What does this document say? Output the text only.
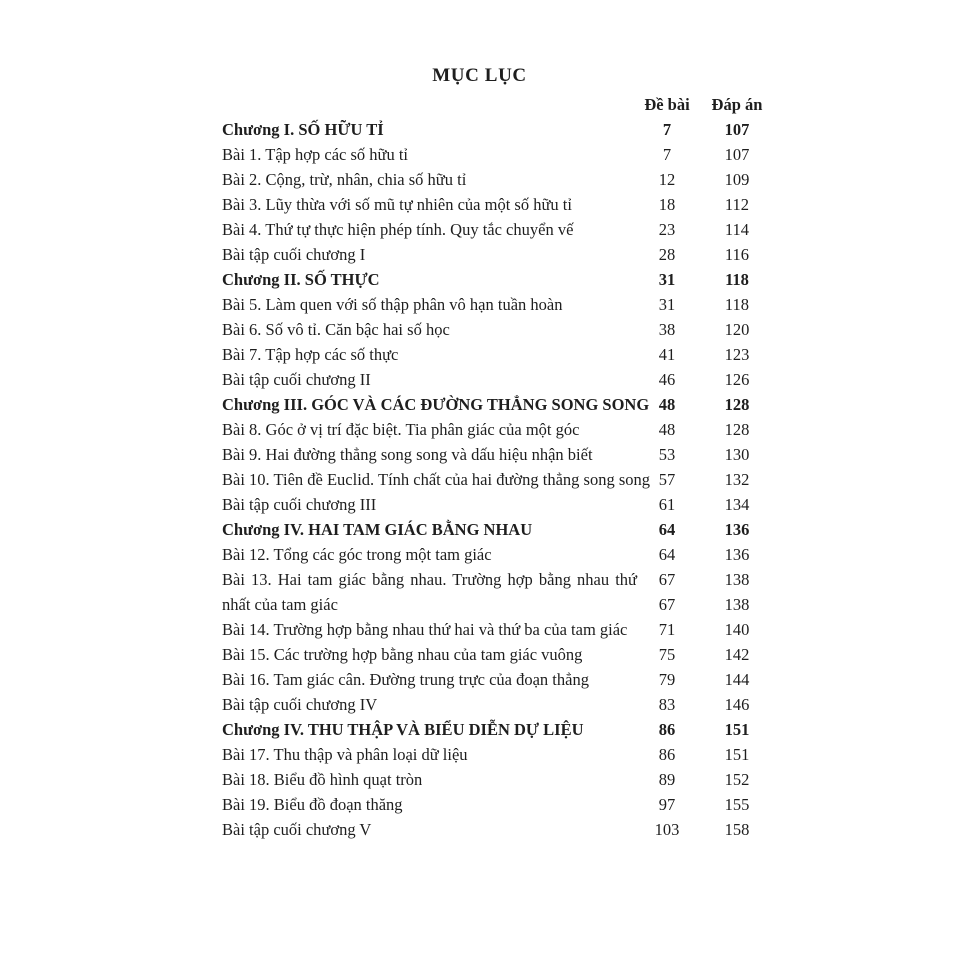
MỤC LỤC
Đề bài	Đáp án
Chương I. SỐ HỮU TỈ	7	107
Bài 1. Tập hợp các số hữu tỉ	7	107
Bài 2. Cộng, trừ, nhân, chia số hữu tỉ	12	109
Bài 3. Lũy thừa với số mũ tự nhiên của một số hữu tỉ	18	112
Bài 4. Thứ tự thực hiện phép tính. Quy tắc chuyển vế	23	114
Bài tập cuối chương I	28	116
Chương II. SỐ THỰC	31	118
Bài 5. Làm quen với số thập phân vô hạn tuần hoàn	31	118
Bài 6. Số vô tỉ. Căn bậc hai số học	38	120
Bài 7. Tập hợp các số thực	41	123
Bài tập cuối chương II	46	126
Chương III. GÓC VÀ CÁC ĐƯỜNG THẲNG SONG SONG 48	128
Bài 8. Góc ở vị trí đặc biệt. Tia phân giác của một góc	48	128
Bài 9. Hai đường thẳng song song và dấu hiệu nhận biết	53	130
Bài 10. Tiên đề Euclid. Tính chất của hai đường thẳng song song 57	132
Bài tập cuối chương III	61	134
Chương IV. HAI TAM GIÁC BẰNG NHAU	64	136
Bài 12. Tổng các góc trong một tam giác	64	136
Bài 13. Hai tam giác bằng nhau. Trường hợp bằng nhau thứ	67	138
nhất của tam giác	67	138
Bài 14. Trường hợp bằng nhau thứ hai và thứ ba của tam giác	71	140
Bài 15. Các trường hợp bằng nhau của tam giác vuông	75	142
Bài 16. Tam giác cân. Đường trung trực của đoạn thẳng	79	144
Bài tập cuối chương IV	83	146
Chương IV. THU THẬP VÀ BIỂU DIỄN DỰ LIỆU	86	151
Bài 17. Thu thập và phân loại dữ liệu	86	151
Bài 18. Biểu đồ hình quạt tròn	89	152
Bài 19. Biểu đồ đoạn thăng	97	155
Bài tập cuối chương V	103	158
